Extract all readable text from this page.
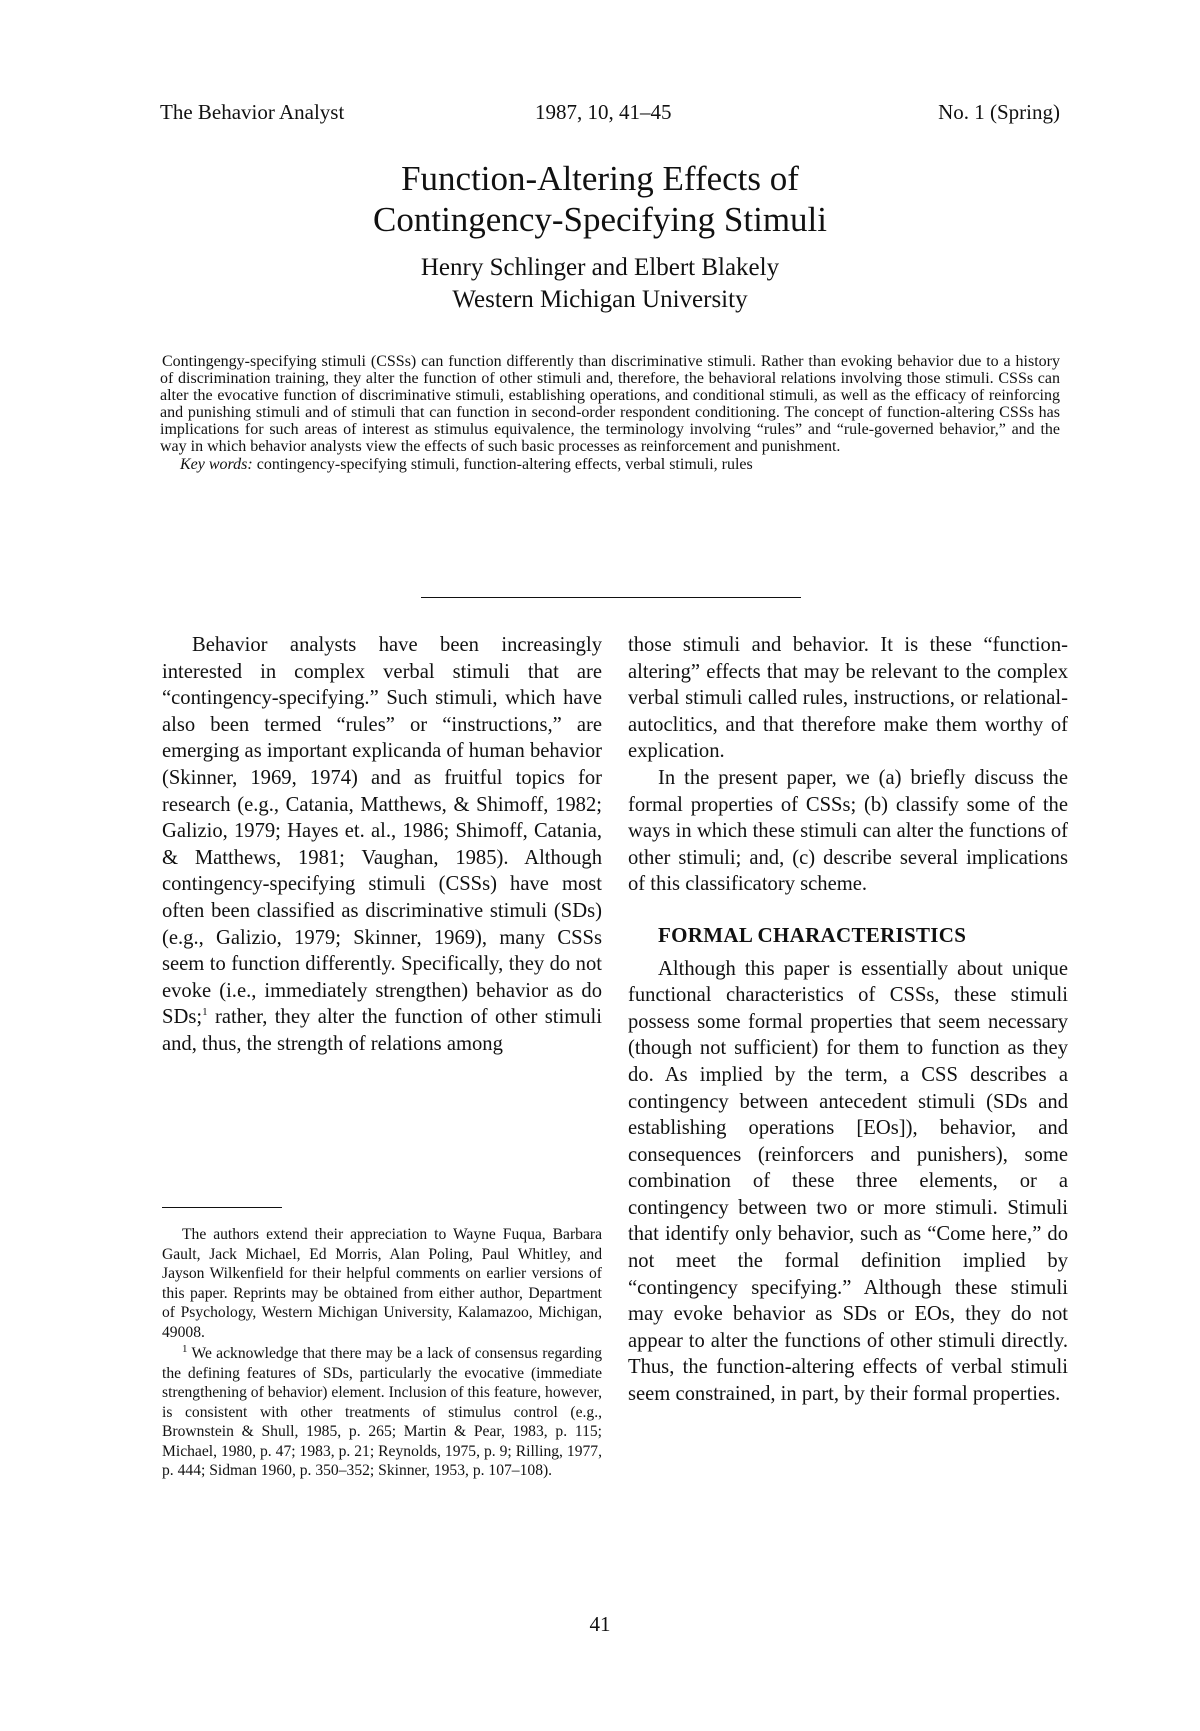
The Behavior Analyst	1987, 10, 41–45	No. 1 (Spring)
Function-Altering Effects of
Contingency-Specifying Stimuli
Henry Schlinger and Elbert Blakely
Western Michigan University
Contingengy-specifying stimuli (CSSs) can function differently than discriminative stimuli. Rather than evoking behavior due to a history of discrimination training, they alter the function of other stimuli and, therefore, the behavioral relations involving those stimuli. CSSs can alter the evocative function of discriminative stimuli, establishing operations, and conditional stimuli, as well as the efficacy of reinforcing and punishing stimuli and of stimuli that can function in second-order respondent conditioning. The concept of function-altering CSSs has implications for such areas of interest as stimulus equivalence, the terminology involving “rules” and “rule-governed behavior,” and the way in which behavior analysts view the effects of such basic processes as reinforcement and punishment.
Key words: contingency-specifying stimuli, function-altering effects, verbal stimuli, rules

Behavior analysts have been increasingly interested in complex verbal stimuli that are “contingency-specifying.” Such stimuli, which have also been termed “rules” or “instructions,” are emerging as important explicanda of human behavior (Skinner, 1969, 1974) and as fruitful topics for research (e.g., Catania, Matthews, & Shimoff, 1982; Galizio, 1979; Hayes et. al., 1986; Shimoff, Catania, & Matthews, 1981; Vaughan, 1985). Although contingency-specifying stimuli (CSSs) have most often been classified as discriminative stimuli (SDs) (e.g., Galizio, 1979; Skinner, 1969), many CSSs seem to function differently. Specifically, they do not evoke (i.e., immediately strengthen) behavior as do SDs;$^1$ rather, they alter the function of other stimuli and, thus, the strength of relations among

those stimuli and behavior. It is these “function-altering” effects that may be relevant to the complex verbal stimuli called rules, instructions, or relational-autoclitics, and that therefore make them worthy of explication.

In the present paper, we (a) briefly discuss the formal properties of CSSs; (b) classify some of the ways in which these stimuli can alter the functions of other stimuli; and, (c) describe several implications of this classificatory scheme.

FORMAL CHARACTERISTICS

Although this paper is essentially about unique functional characteristics of CSSs, these stimuli possess some formal properties that seem necessary (though not sufficient) for them to function as they do. As implied by the term, a CSS describes a contingency between antecedent stimuli (SDs and establishing operations [EOs]), behavior, and consequences (reinforcers and punishers), some combination of these three elements, or a contingency between two or more stimuli. Stimuli that identify only behavior, such as “Come here,” do not meet the formal definition implied by “contingency specifying.” Although these stimuli may evoke behavior as SDs or EOs, they do not appear to alter the functions of other stimuli directly. Thus, the function-altering effects of verbal stimuli seem constrained, in part, by their formal properties.

The authors extend their appreciation to Wayne Fuqua, Barbara Gault, Jack Michael, Ed Morris, Alan Poling, Paul Whitley, and Jayson Wilkenfield for their helpful comments on earlier versions of this paper. Reprints may be obtained from either author, Department of Psychology, Western Michigan University, Kalamazoo, Michigan, 49008.

$^1$ We acknowledge that there may be a lack of consensus regarding the defining features of SDs, particularly the evocative (immediate strengthening of behavior) element. Inclusion of this feature, however, is consistent with other treatments of stimulus control (e.g., Brownstein & Shull, 1985, p. 265; Martin & Pear, 1983, p. 115; Michael, 1980, p. 47; 1983, p. 21; Reynolds, 1975, p. 9; Rilling, 1977, p. 444; Sidman 1960, p. 350–352; Skinner, 1953, p. 107–108).

41
